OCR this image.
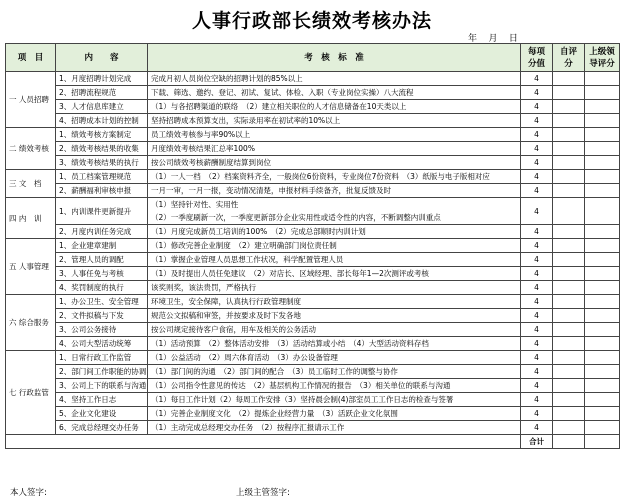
人事行政部长绩效考核办法
年    月    日
项　目	内　　容	考　核　标　准	每项分值	自评分	上级领导评分
一 人员招聘	1、月度招聘计划完成	完成月初人员岗位空缺的招聘计划的85%以上	4		
	2、招聘流程规范	下载、筛选、邀约、登记、初试、复试、体检、入职（专业岗位实操）八大流程	4		
	3、人才信息库建立	（1）与各招聘渠道的联络　（2）建立相关职位的人才信息储备在10天类以上	4		
	4、招聘成本计划的控制	坚持招聘成本预算支出，实际录用率在初试率的10%以上	4		
二 绩效考核	1、绩效考核方案制定	员工绩效考核参与率90%以上	4		
	2、绩效考核结果的收集	月度绩效考核结果汇总率100%	4		
	3、绩效考核结果的执行	按公司绩效考核薪酬制度结算到岗位	4		
三 文　档	1、员工档案管理规范	（1）一人一档　（2）档案资料齐全，一般岗位6份资料，专业岗位7份资料　（3）纸版与电子版相对应	4		
	2、薪酬福利审核申报	一月一审，一月一报，变动情况清楚，申报材料手续备齐，批复反馈及时	4		
四 内　训	1、内训课件更新提升	（1）坚持针对性、实用性
（2）一季度刷新一次，一季度更新部分企业实用性或适令性的内容，不断调整内训重点	4		
	2、月度内训任务完成	（1）月度完成新员工培训的100%　（2）完成总部顺时内训计划	4		
五 人事管理	1、企业建章建制	（1）修改完善企业制度　（2）建立明确部门岗位责任制	4		
	2、管理人员的调配	（1）掌握企业管理人员思想工作状况，科学配置管理人员	4		
	3、人事任免与考核	（1）及时提出人员任免建议　（2）对店长、区域经理、部长每年1—2次测评或考核	4		
	4、奖罚制度的执行	该奖则奖，该法贵罚，严格执行	4		
六 综合服务	1、办公卫生、安全管理	环境卫生，安全保障，认真执行行政管理制度	4		
	2、文件拟稿与下发	规范公文拟稿和审签，并按要求及时下发各地	4		
	3、公司公务接待	按公司规定接待客户食宿，用车及相关的公务活动	4		
	4、公司大型活动统筹	（1）活动预算　（2）整体活动安排　（3）活动结算或小结　（4）大型活动资料存档	4		
七 行政监管	1、日常行政工作监管	（1）公益活动　（2）周六体育活动　（3）办公设备管理	4		
	2、部门间工作职能的协调	（1）部门间的沟通　（2）部门间的配合　（3）员工临时工作的调整与协作	4		
	3、公司上下的联系与沟通	（1）公司指令性意见的传达　（2）基层机构工作情况的报告　（3）相关单位的联系与沟通	4		
	4、坚持工作日志	（1）每日工作计划（2）每周工作安排（3）坚持晨会制(4)部室员工工作日志的检查与签署	4		
	5、企业文化建设	（1）完善企业制度文化　（2）提炼企业经营力量　（3）活跃企业文化氛围	4		
	6、完成总经理交办任务	（1）主动完成总经理交办任务　（2）按程序汇报请示工作	4		
			合计		
本人签字:	上级主管签字:
